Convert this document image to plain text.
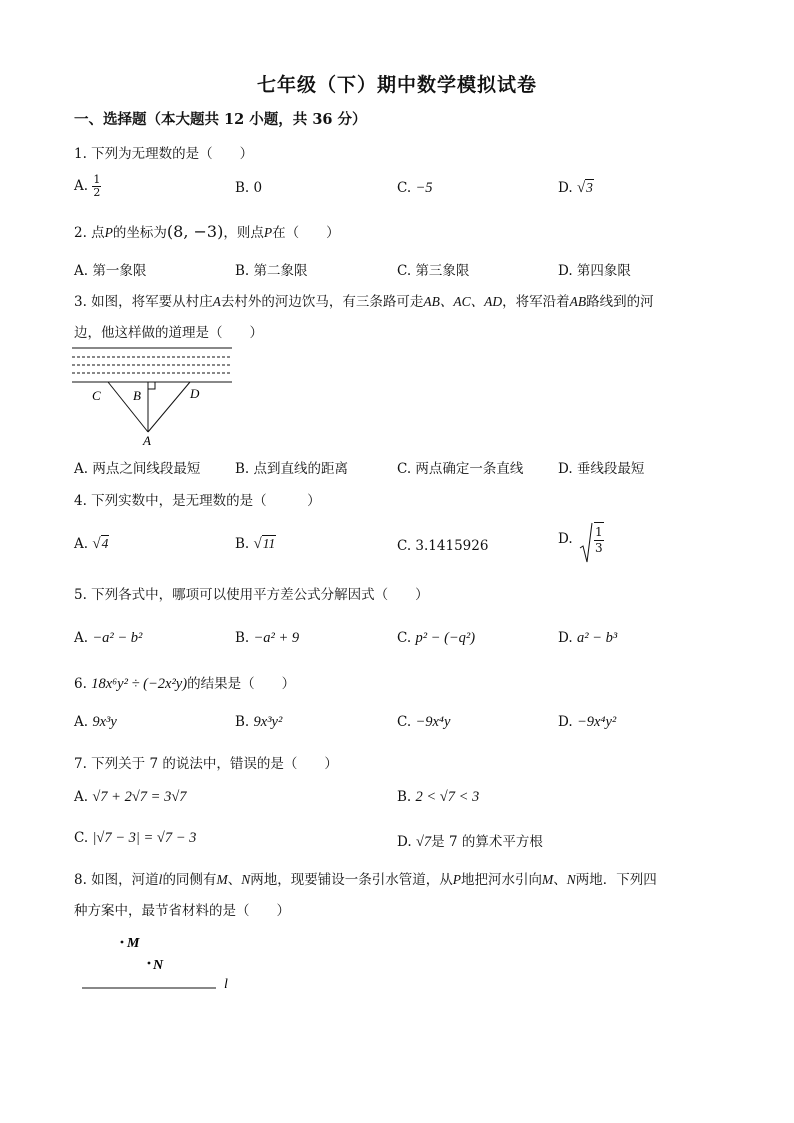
七年级（下）期中数学模拟试卷
一、选择题（本大题共 12 小题，共 36 分）
1. 下列为无理数的是（　　）
A. $\frac{1}{2}$	B. 0	C. −5	D. √3
2. 点P的坐标为(8, −3)，则点P在（　　）
A. 第一象限	B. 第二象限	C. 第三象限	D. 第四象限
3. 如图，将军要从村庄A去村外的河边饮马，有三条路可走AB、AC、AD，将军沿着AB路线到的河
边，他这样做的道理是（　　）
C B	D
A
A. 两点之间线段最短	B. 点到直线的距离	C. 两点确定一条直线	D. 垂线段最短
4. 下列实数中，是无理数的是（　　　）
A. √4	B. √11	C. 3.1415926	D. $\frac{1}{3}$
5. 下列各式中，哪项可以使用平方差公式分解因式（　　）
A. −a² − b²	B. −a² + 9	C. p² − (−q²)	D. a² − b³
6. 18x⁶y² ÷ (−2x²y)的结果是（　　）
A. 9x³y	B. 9x³y²	C. −9x⁴y	D. −9x⁴y²
7. 下列关于 7 的说法中，错误的是（　　）
A. √7 + 2√7 = 3√7	B. 2 < √7 < 3
C. |√7 − 3| = √7 − 3	D. √7是 7 的算术平方根
8. 如图，河道l的同侧有M、N两地，现要铺设一条引水管道，从P地把河水引向M、N两地．下列四
种方案中，最节省材料的是（　　）
M
N
l
